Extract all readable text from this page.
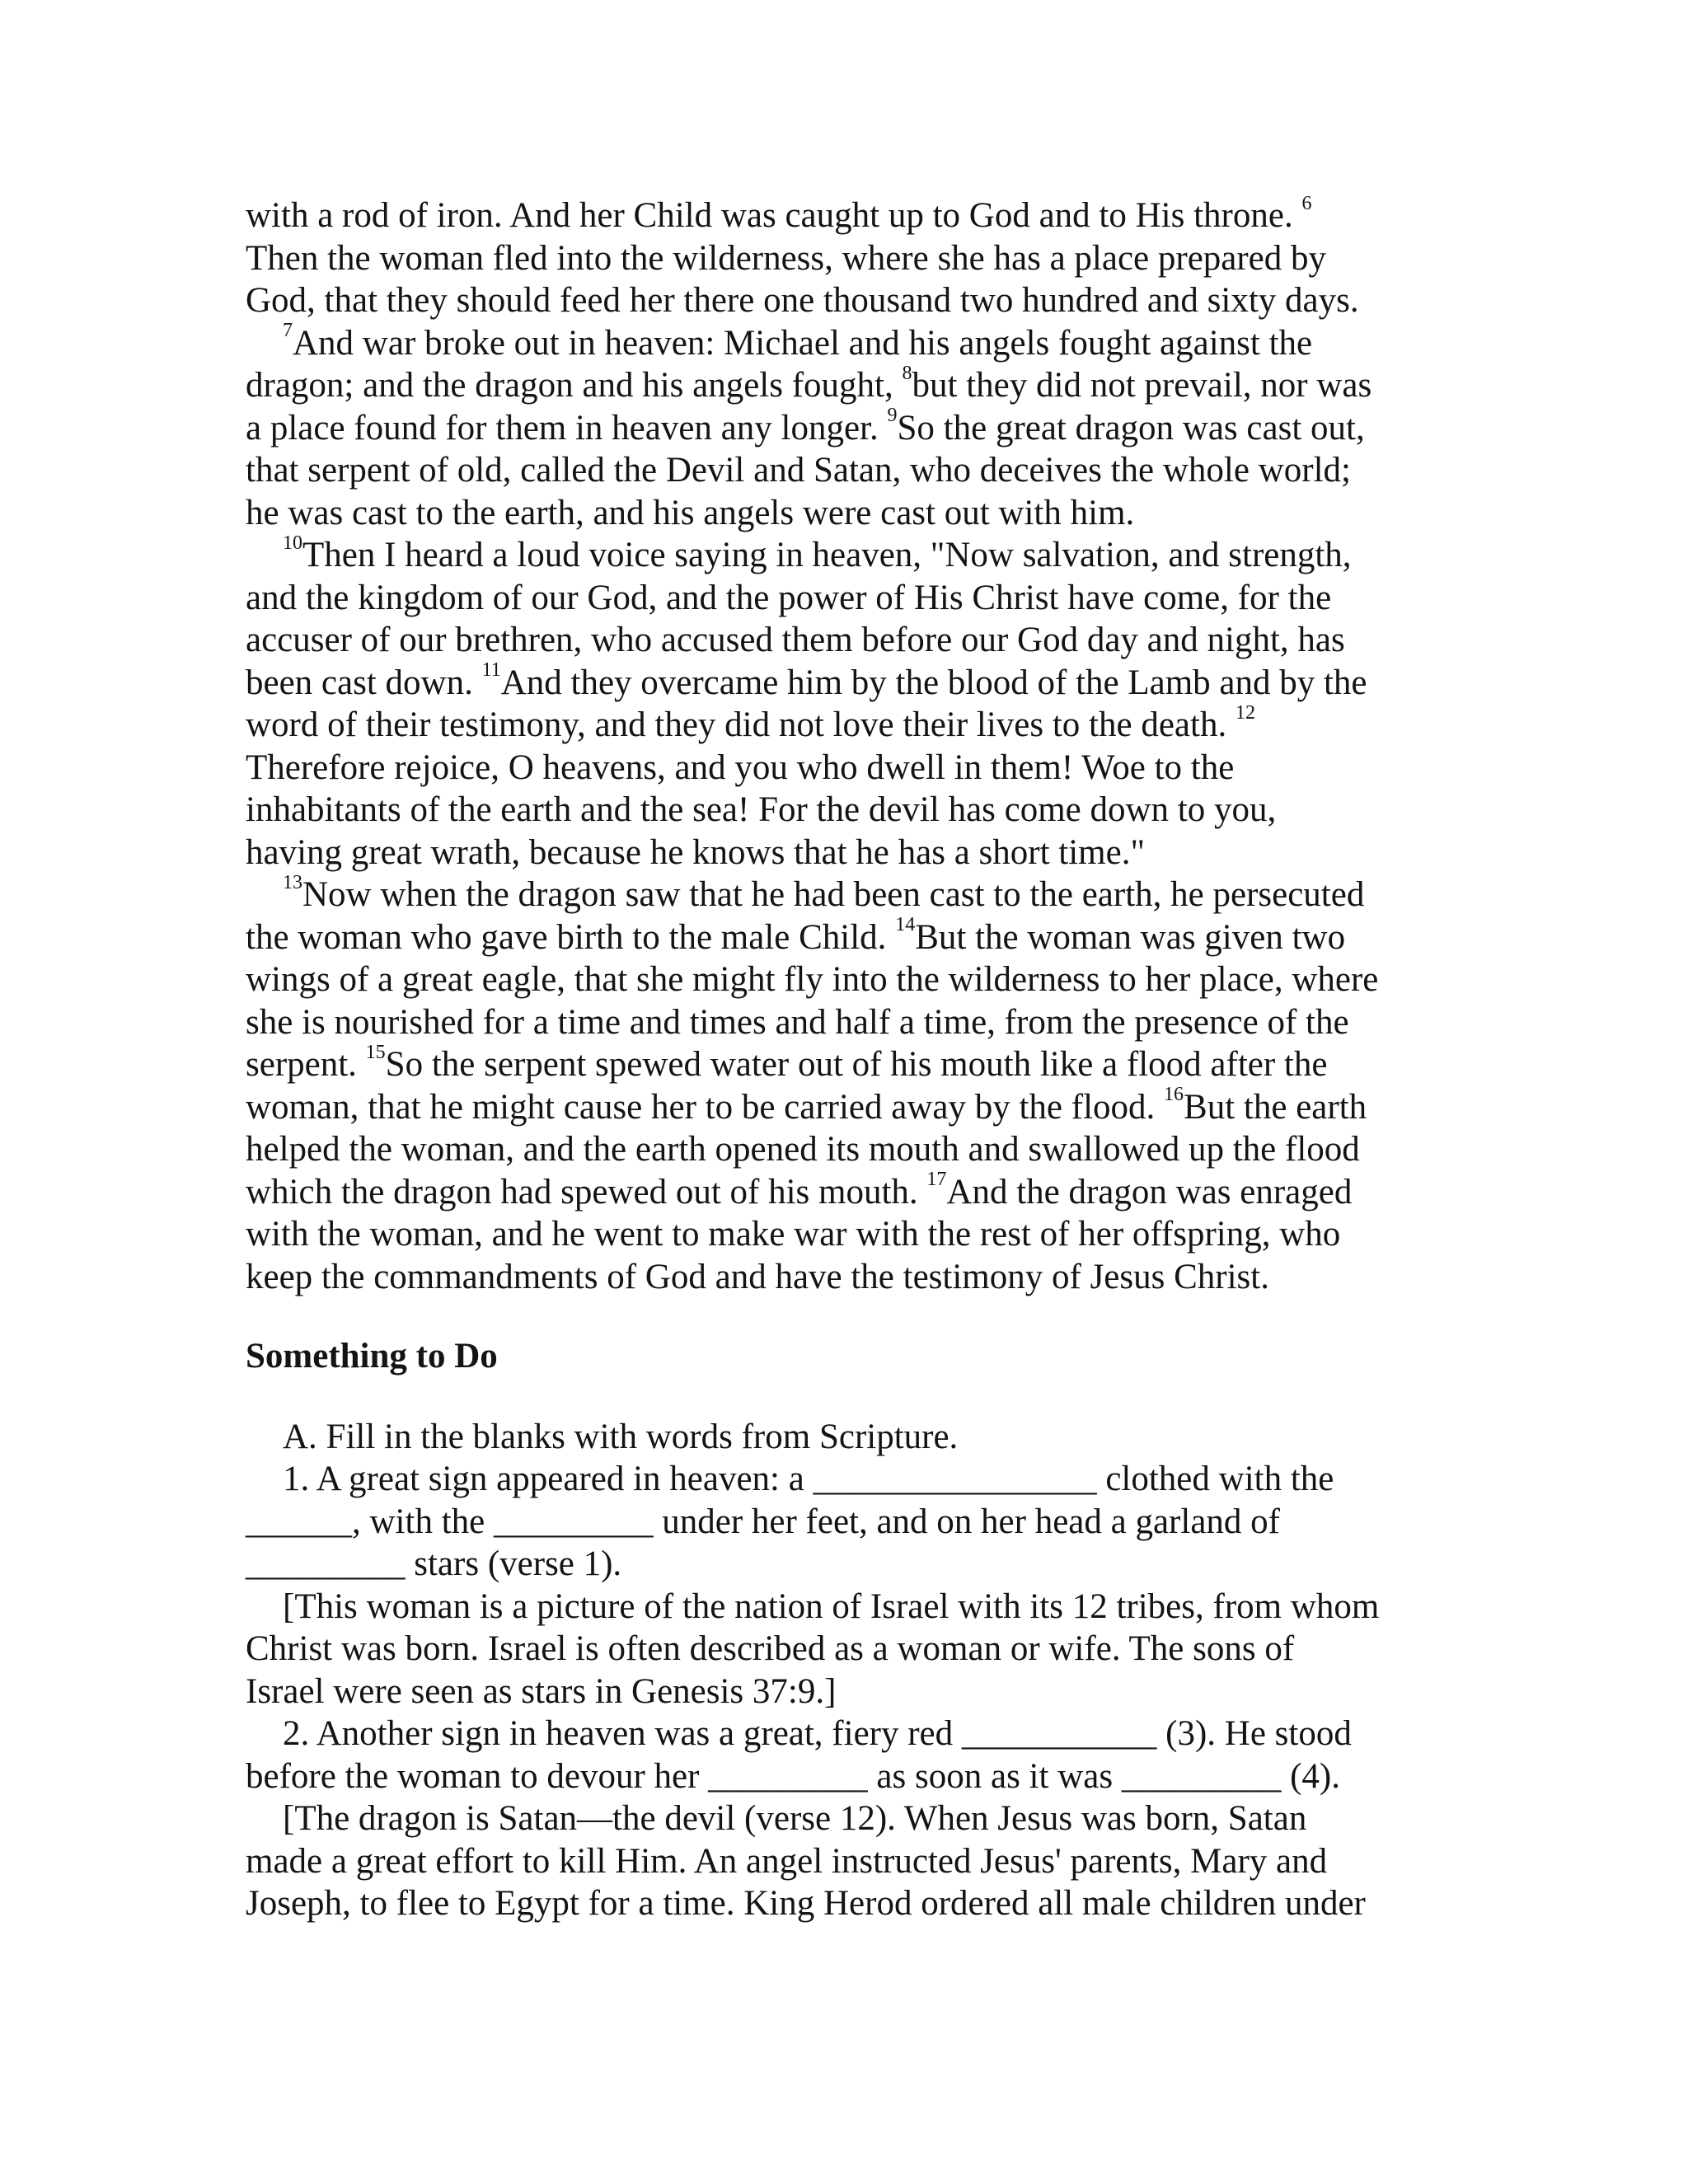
with a rod of iron. And her Child was caught up to God and to His throne. $^6$
Then the woman fled into the wilderness, where she has a place prepared by
God, that they should feed her there one thousand two hundred and sixty days.
$^7$And war broke out in heaven: Michael and his angels fought against the
dragon; and the dragon and his angels fought, $^8$but they did not prevail, nor was
a place found for them in heaven any longer. $^9$So the great dragon was cast out,
that serpent of old, called the Devil and Satan, who deceives the whole world;
he was cast to the earth, and his angels were cast out with him.
$^{10}$Then I heard a loud voice saying in heaven, "Now salvation, and strength,
and the kingdom of our God, and the power of His Christ have come, for the
accuser of our brethren, who accused them before our God day and night, has
been cast down. $^{11}$And they overcame him by the blood of the Lamb and by the
word of their testimony, and they did not love their lives to the death. $^{12}$
Therefore rejoice, O heavens, and you who dwell in them! Woe to the
inhabitants of the earth and the sea! For the devil has come down to you,
having great wrath, because he knows that he has a short time."
$^{13}$Now when the dragon saw that he had been cast to the earth, he persecuted
the woman who gave birth to the male Child. $^{14}$But the woman was given two
wings of a great eagle, that she might fly into the wilderness to her place, where
she is nourished for a time and times and half a time, from the presence of the
serpent. $^{15}$So the serpent spewed water out of his mouth like a flood after the
woman, that he might cause her to be carried away by the flood. $^{16}$But the earth
helped the woman, and the earth opened its mouth and swallowed up the flood
which the dragon had spewed out of his mouth. $^{17}$And the dragon was enraged
with the woman, and he went to make war with the rest of her offspring, who
keep the commandments of God and have the testimony of Jesus Christ.
Something to Do
A. Fill in the blanks with words from Scripture.
1. A great sign appeared in heaven: a ________________ clothed with the
______, with the _________ under her feet, and on her head a garland of
_________ stars (verse 1).
[This woman is a picture of the nation of Israel with its 12 tribes, from whom
Christ was born. Israel is often described as a woman or wife. The sons of
Israel were seen as stars in Genesis 37:9.]
2. Another sign in heaven was a great, fiery red ___________ (3). He stood
before the woman to devour her _________ as soon as it was _________ (4).
[The dragon is Satan—the devil (verse 12). When Jesus was born, Satan
made a great effort to kill Him. An angel instructed Jesus' parents, Mary and
Joseph, to flee to Egypt for a time. King Herod ordered all male children under
